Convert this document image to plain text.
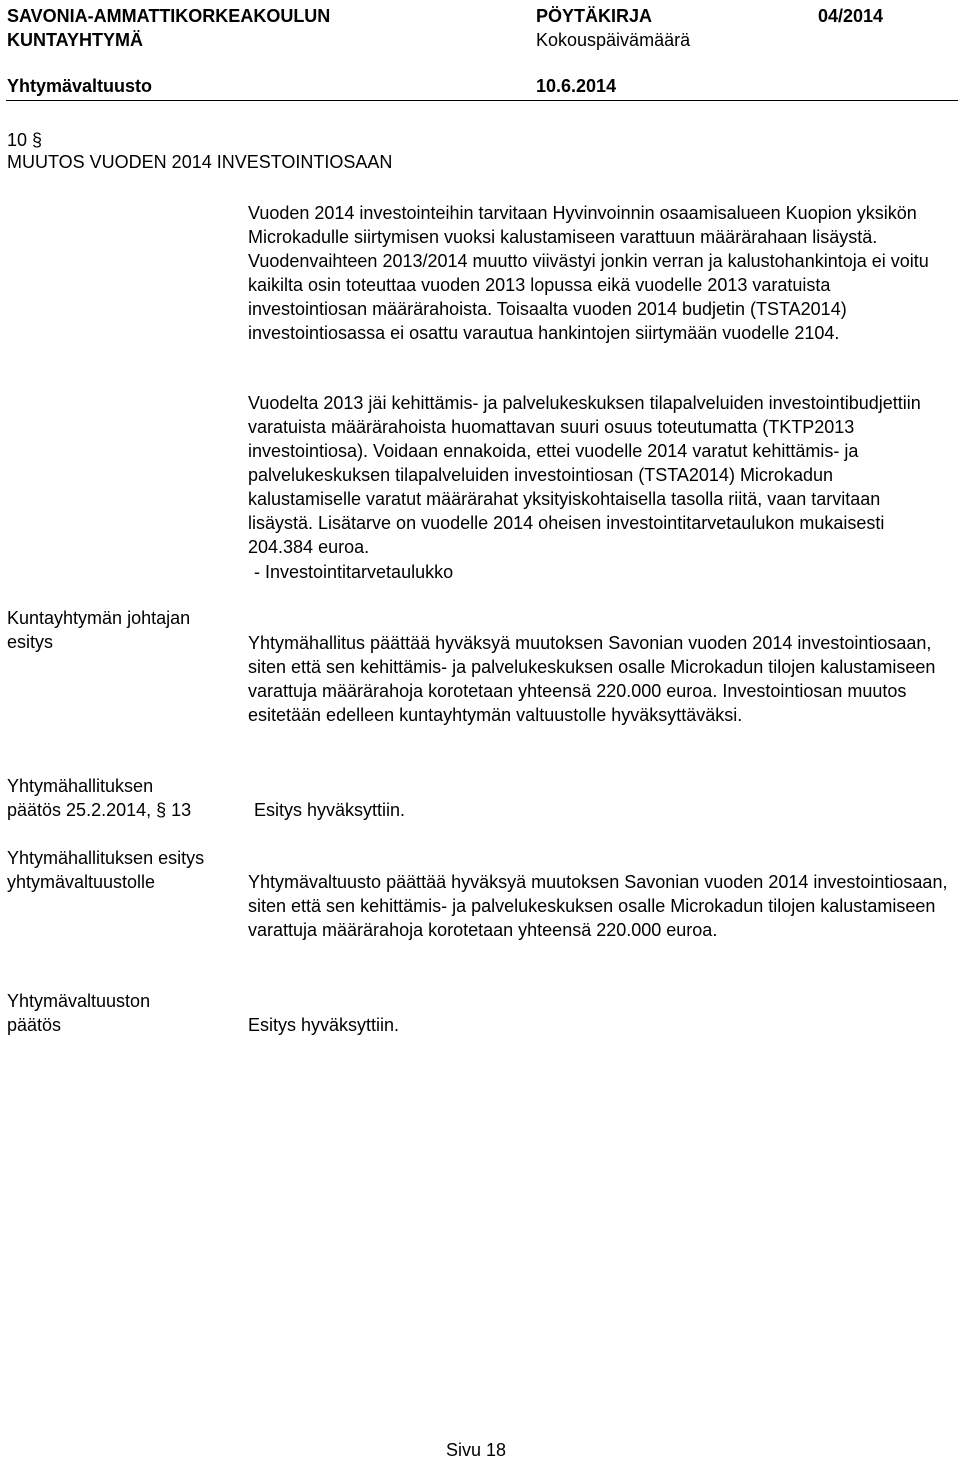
SAVONIA-AMMATTIKORKEAKOULUN
KUNTAYHTYMÄ
PÖYTÄKIRJA	04/2014
Kokouspäivämäärä
Yhtymävaltuusto	10.6.2014
10 §
MUUTOS VUODEN 2014 INVESTOINTIOSAAN
Vuoden 2014 investointeihin tarvitaan Hyvinvoinnin osaamisalueen Kuopion yksikön Microkadulle siirtymisen vuoksi kalustamiseen varattuun määrärahaan lisäystä. Vuodenvaihteen 2013/2014 muutto viivästyi jonkin verran ja kalustohankintoja ei voitu kaikilta osin toteuttaa vuoden 2013 lopussa eikä vuodelle 2013 varatuista investointiosan määrärahoista. Toisaalta vuoden 2014 budjetin (TSTA2014) investointiosassa ei osattu varautua hankintojen siirtymään vuodelle 2104.
Vuodelta 2013 jäi kehittämis- ja palvelukeskuksen tilapalveluiden investointibudjettiin varatuista määrärahoista huomattavan suuri osuus toteutumatta (TKTP2013 investointiosa). Voidaan ennakoida, ettei vuodelle 2014 varatut kehittämis- ja palvelukeskuksen tilapalveluiden investointiosan (TSTA2014) Microkadun kalustamiselle varatut määrärahat yksityiskohtaisella tasolla riitä, vaan tarvitaan lisäystä. Lisätarve on vuodelle 2014 oheisen investointitarvetaulukon mukaisesti 204.384 euroa.
- Investointitarvetaulukko
Kuntayhtymän johtajan esitys	Yhtymähallitus päättää hyväksyä muutoksen Savonian vuoden 2014 investointiosaan, siten että sen kehittämis- ja palvelukeskuksen osalle Microkadun tilojen kalustamiseen varattuja määrärahoja korotetaan yhteensä 220.000 euroa. Investointiosan muutos esitetään edelleen kuntayhtymän valtuustolle hyväksyttäväksi.
Yhtymähallituksen
päätös 25.2.2014, § 13	Esitys hyväksyttiin.
Yhtymähallituksen esitys yhtymävaltuustolle	Yhtymävaltuusto päättää hyväksyä muutoksen Savonian vuoden 2014 investointiosaan, siten että sen kehittämis- ja palvelukeskuksen osalle Microkadun tilojen kalustamiseen varattuja määrärahoja korotetaan yhteensä 220.000 euroa.
Yhtymävaltuuston päätös	Esitys hyväksyttiin.
Sivu 18
